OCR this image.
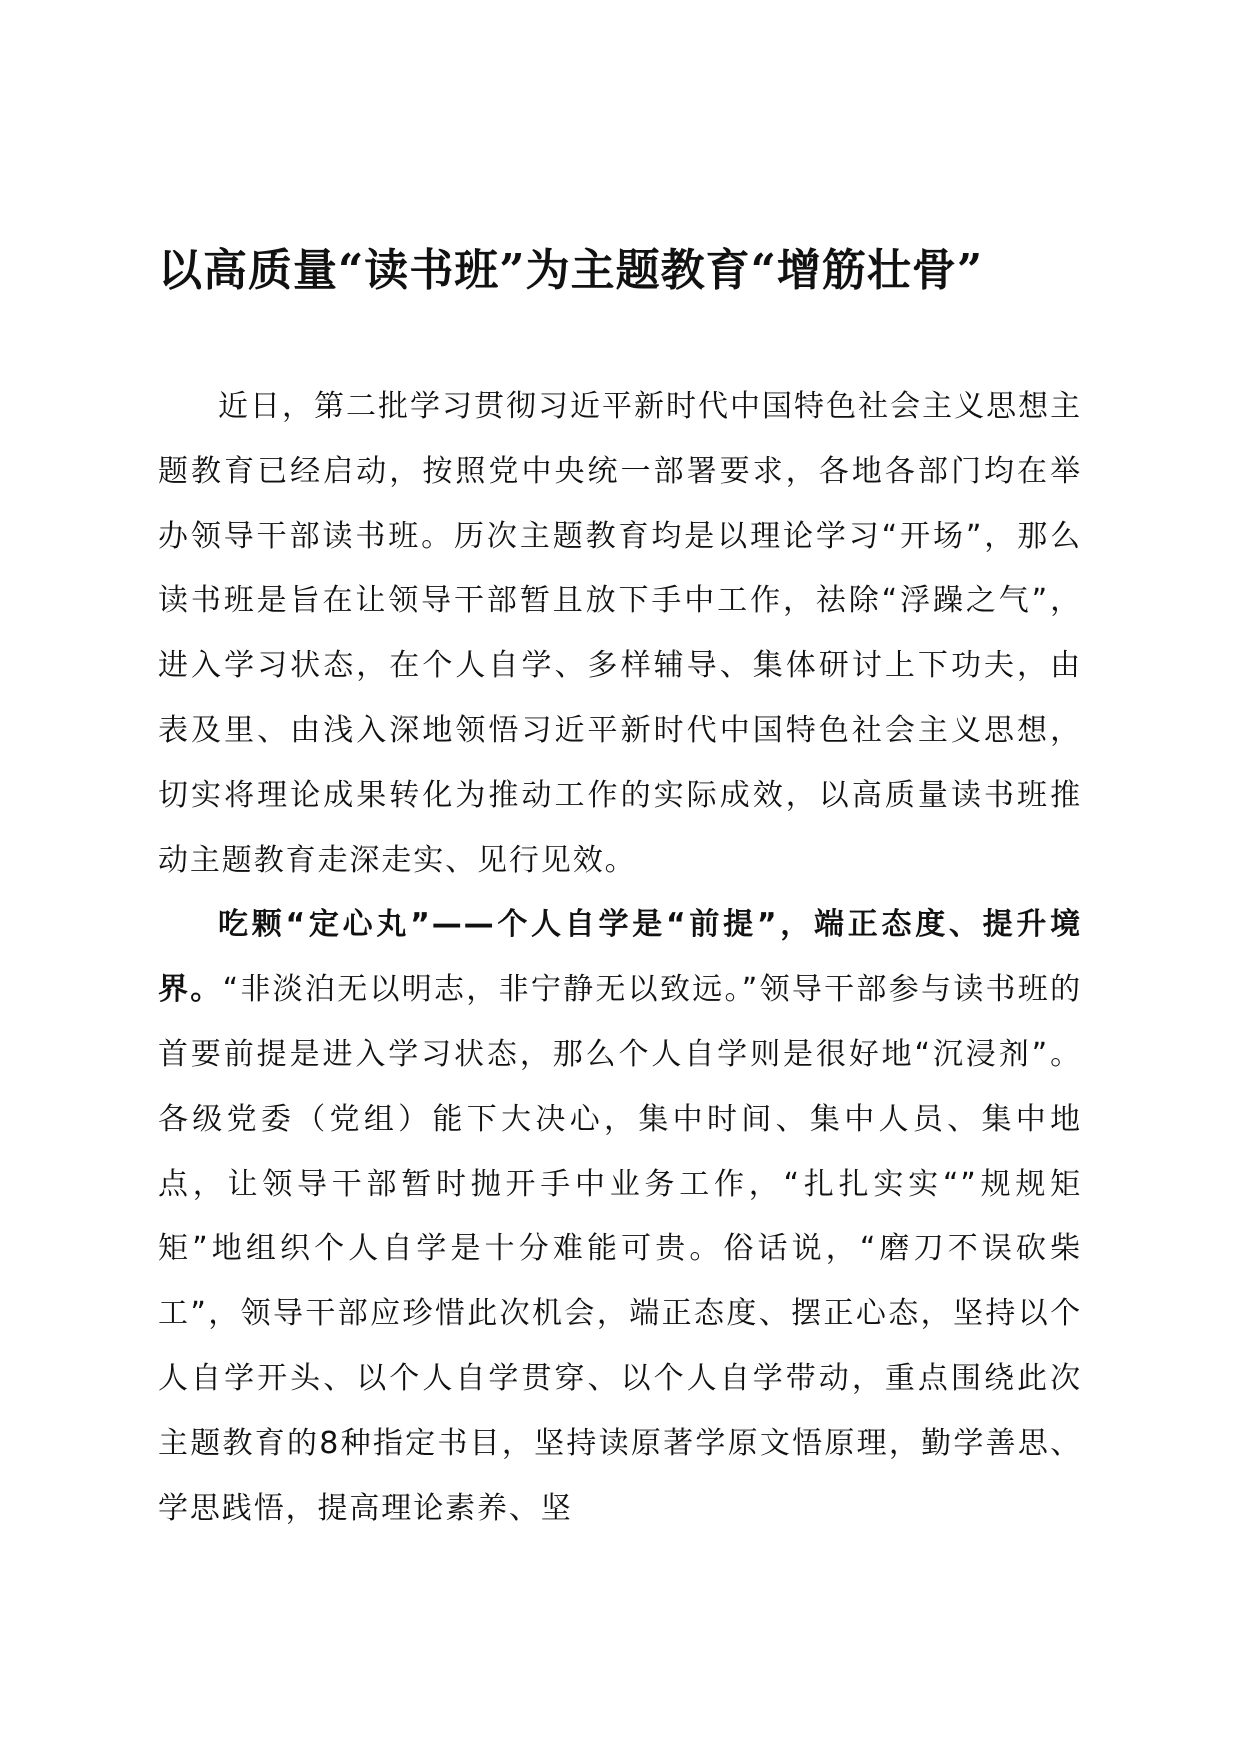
以高质量“读书班”为主题教育“增筋壮骨”

近日，第二批学习贯彻习近平新时代中国特色社会主义思想主题教育已经启动，按照党中央统一部署要求，各地各部门均在举办领导干部读书班。历次主题教育均是以理论学习“开场”，那么读书班是旨在让领导干部暂且放下手中工作，祛除“浮躁之气”，进入学习状态，在个人自学、多样辅导、集体研讨上下功夫，由表及里、由浅入深地领悟习近平新时代中国特色社会主义思想，切实将理论成果转化为推动工作的实际成效，以高质量读书班推动主题教育走深走实、见行见效。

吃颗“定心丸”——个人自学是“前提”，端正态度、提升境界。“非淡泊无以明志，非宁静无以致远。”领导干部参与读书班的首要前提是进入学习状态，那么个人自学则是很好地“沉浸剂”。各级党委（党组）能下大决心，集中时间、集中人员、集中地点，让领导干部暂时抛开手中业务工作，“扎扎实实“”规规矩矩”地组织个人自学是十分难能可贵。俗话说，“磨刀不误砍柴工”，领导干部应珍惜此次机会，端正态度、摆正心态，坚持以个人自学开头、以个人自学贯穿、以个人自学带动，重点围绕此次主题教育的8种指定书目，坚持读原著学原文悟原理，勤学善思、学思践悟，提高理论素养、坚
